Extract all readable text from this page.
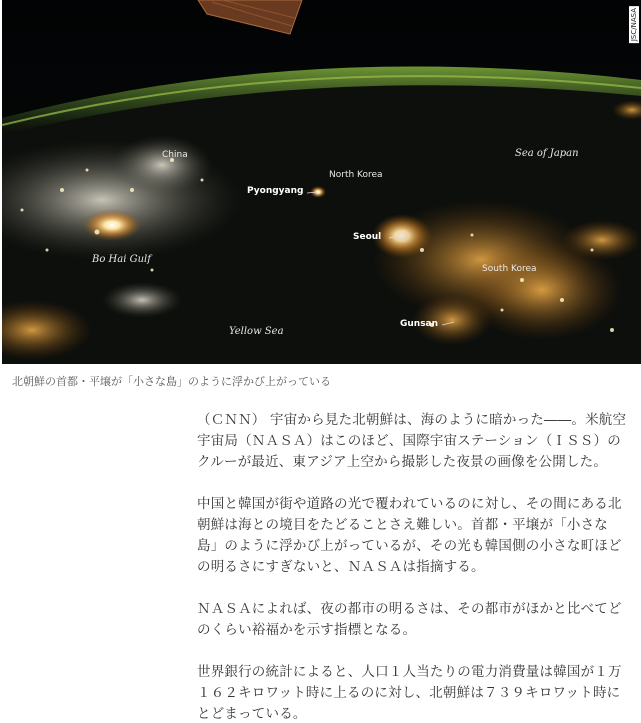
China
North Korea
Sea of Japan
Pyongyang
Seoul
South Korea
Bo Hai Gulf
Yellow Sea
Gunsan
JSC/NASA
北朝鮮の首都・平壌が「小さな島」のように浮かび上がっている

（ＣＮＮ） 宇宙から見た北朝鮮は、海のように暗かった――。米航空宇宙局（ＮＡＳＡ）はこのほど、国際宇宙ステーション（ＩＳＳ）のクルーが最近、東アジア上空から撮影した夜景の画像を公開した。

中国と韓国が街や道路の光で覆われているのに対し、その間にある北朝鮮は海との境目をたどることさえ難しい。首都・平壌が「小さな島」のように浮かび上がっているが、その光も韓国側の小さな町ほどの明るさにすぎないと、ＮＡＳＡは指摘する。

ＮＡＳＡによれば、夜の都市の明るさは、その都市がほかと比べてどのくらい裕福かを示す指標となる。

世界銀行の統計によると、人口１人当たりの電力消費量は韓国が１万１６２キロワット時に上るのに対し、北朝鮮は７３９キロワット時にとどまっている。
